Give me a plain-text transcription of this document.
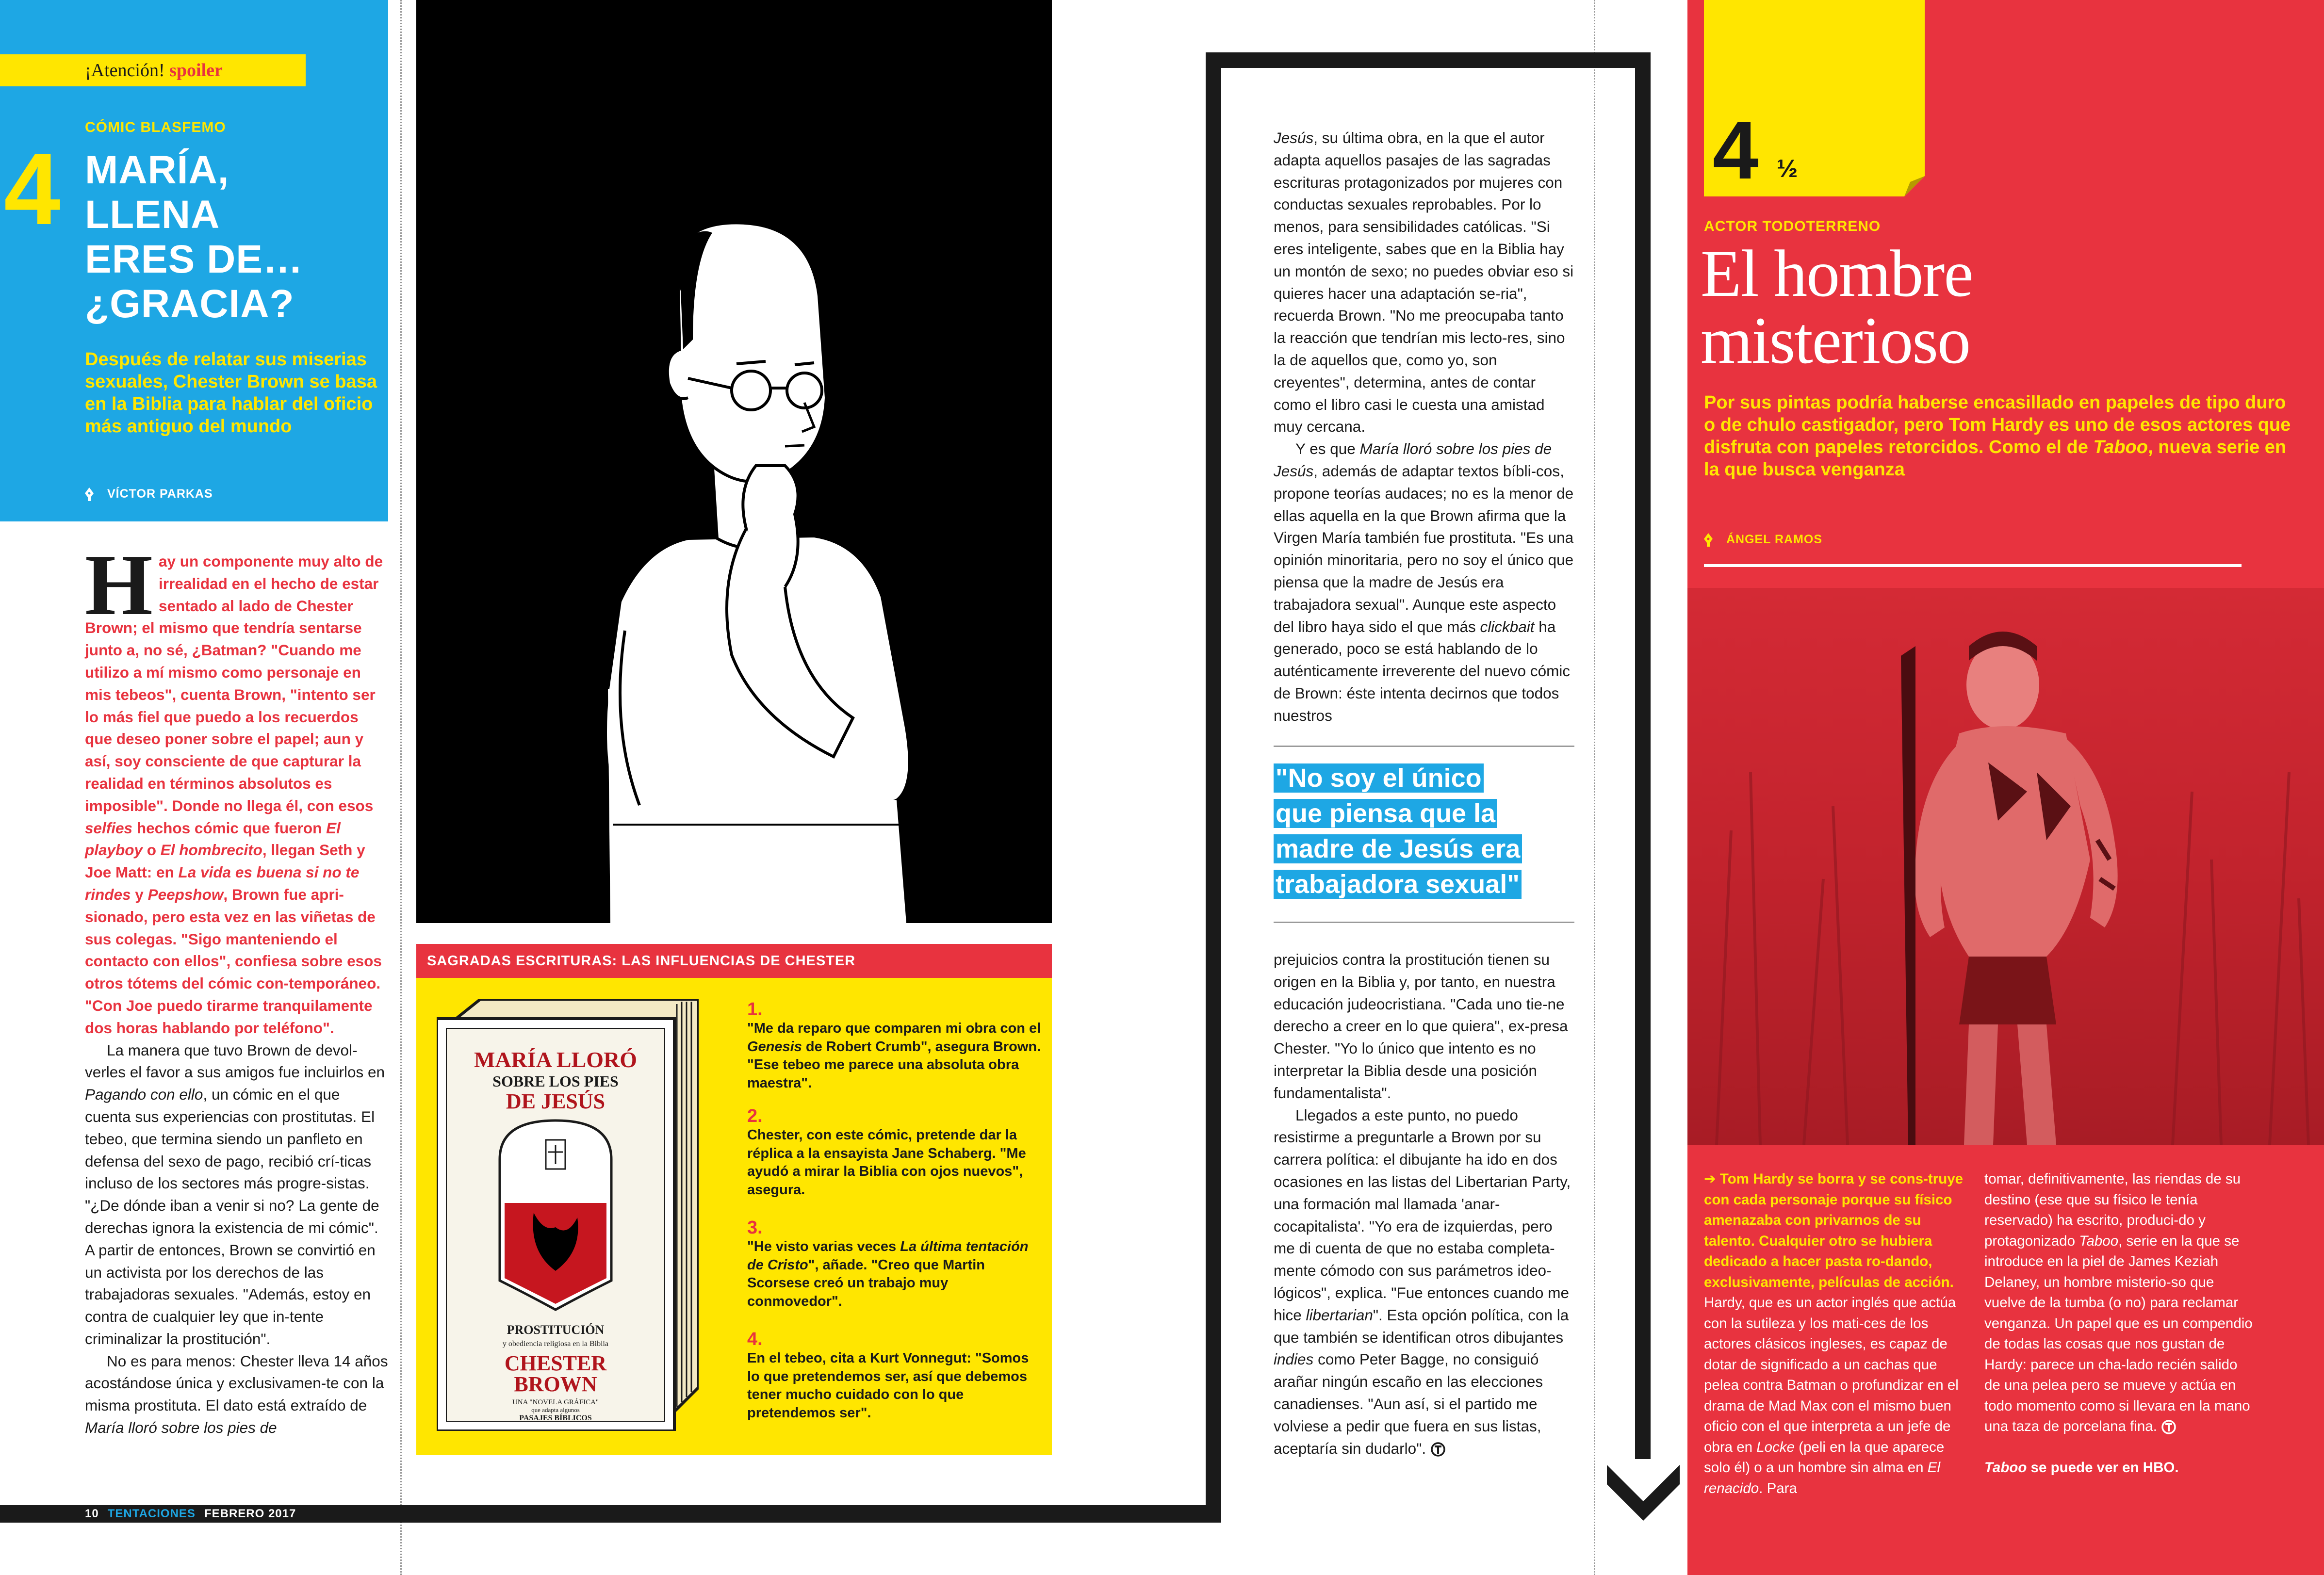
¡Atención! spoiler
CÓMIC BLASFEMO
4 MARÍA,
LLENA
ERES DE…
¿GRACIA?
Después de relatar sus miserias sexuales, Chester Brown se basa en la Biblia para hablar del oficio más antiguo del mundo
VÍCTOR PARKAS

Hay un componente muy alto de irrealidad en el hecho de estar sentado al lado de Chester Brown; el mismo que tendría sentarse junto a, no sé, ¿Batman? "Cuando me utilizo a mí mismo como personaje en mis tebeos", cuenta Brown, "intento ser lo más fiel que puedo a los recuerdos que deseo poner sobre el papel; aun y así, soy consciente de que capturar la realidad en términos absolutos es imposible". Donde no llega él, con esos selfies hechos cómic que fueron El playboy o El hombrecito, llegan Seth y Joe Matt: en La vida es buena si no te rindes y Peepshow, Brown fue apri-sionado, pero esta vez en las viñetas de sus colegas. "Sigo manteniendo el contacto con ellos", confiesa sobre esos otros tótems del cómic con-temporáneo. "Con Joe puedo tirarme tranquilamente dos horas hablando por teléfono".

La manera que tuvo Brown de devol-verles el favor a sus amigos fue incluirlos en Pagando con ello, un cómic en el que cuenta sus experiencias con prostitutas. El tebeo, que termina siendo un panfleto en defensa del sexo de pago, recibió crí-ticas incluso de los sectores más progre-sistas. "¿De dónde iban a venir si no? La gente de derechas ignora la existencia de mi cómic". A partir de entonces, Brown se convirtió en un activista por los derechos de las trabajadoras sexuales. "Además, estoy en contra de cualquier ley que in-tente criminalizar la prostitución".

No es para menos: Chester lleva 14 años acostándose única y exclusivamen-te con la misma prostituta. El dato está extraído de María lloró sobre los pies de

SAGRADAS ESCRITURAS: LAS INFLUENCIAS DE CHESTER
MARÍA LLORÓ
SOBRE LOS PIES
DE JESÚS
PROSTITUCIÓN
y obediencia religiosa en la Biblia
CHESTER
BROWN
UNA "NOVELA GRÁFICA"
que adapta algunos
PASAJES BÍBLICOS
1.
"Me da reparo que comparen mi obra con el Genesis de Robert Crumb", asegura Brown. "Ese tebeo me parece una absoluta obra maestra".
2.
Chester, con este cómic, pretende dar la réplica a la ensayista Jane Schaberg. "Me ayudó a mirar la Biblia con ojos nuevos", asegura.
3.
"He visto varias veces La última tentación de Cristo", añade. "Creo que Martin Scorsese creó un trabajo muy conmovedor".
4.
En el tebeo, cita a Kurt Vonnegut: "Somos lo que pretendemos ser, así que debemos tener mucho cuidado con lo que pretendemos ser".
10 TENTACIONES FEBRERO 2017

Jesús, su última obra, en la que el autor adapta aquellos pasajes de las sagradas escrituras protagonizados por mujeres con conductas sexuales reprobables. Por lo menos, para sensibilidades católicas. "Si eres inteligente, sabes que en la Biblia hay un montón de sexo; no puedes obviar eso si quieres hacer una adaptación se-ria", recuerda Brown. "No me preocupaba tanto la reacción que tendrían mis lecto-res, sino la de aquellos que, como yo, son creyentes", determina, antes de contar como el libro casi le cuesta una amistad muy cercana.

Y es que María lloró sobre los pies de Jesús, además de adaptar textos bíbli-cos, propone teorías audaces; no es la menor de ellas aquella en la que Brown afirma que la Virgen María también fue prostituta. "Es una opinión minoritaria, pero no soy el único que piensa que la madre de Jesús era trabajadora sexual". Aunque este aspecto del libro haya sido el que más clickbait ha generado, poco se está hablando de lo auténticamente irreverente del nuevo cómic de Brown: éste intenta decirnos que todos nuestros

"No soy el único
que piensa que la
madre de Jesús era
trabajadora sexual"

prejuicios contra la prostitución tienen su origen en la Biblia y, por tanto, en nuestra educación judeocristiana. "Cada uno tie-ne derecho a creer en lo que quiera", ex-presa Chester. "Yo lo único que intento es no interpretar la Biblia desde una posición fundamentalista".

Llegados a este punto, no puedo resistirme a preguntarle a Brown por su carrera política: el dibujante ha ido en dos ocasiones en las listas del Libertarian Party, una formación mal llamada 'anar-cocapitalista'. "Yo era de izquierdas, pero me di cuenta de que no estaba completa-mente cómodo con sus parámetros ideo-lógicos", explica. "Fue entonces cuando me hice libertarian". Esta opción política, con la que también se identifican otros dibujantes indies como Peter Bagge, no consiguió arañar ningún escaño en las elecciones canadienses. "Aun así, si el partido me volviese a pedir que fuera en sus listas, aceptaría sin dudarlo".

4 ½
ACTOR TODOTERRENO
El hombre
misterioso
Por sus pintas podría haberse encasillado en papeles de tipo duro o de chulo castigador, pero Tom Hardy es uno de esos actores que disfruta con papeles retorcidos. Como el de Taboo, nueva serie en la que busca venganza
ÁNGEL RAMOS

➔ Tom Hardy se borra y se cons-truye con cada personaje porque su físico amenazaba con privarnos de su talento. Cualquier otro se hubiera dedicado a hacer pasta ro-dando, exclusivamente, películas de acción. Hardy, que es un actor inglés que actúa con la sutileza y los mati-ces de los actores clásicos ingleses, es capaz de dotar de significado a un cachas que pelea contra Batman o profundizar en el drama de Mad Max con el mismo buen oficio con el que interpreta a un jefe de obra en Locke (peli en la que aparece solo él) o a un hombre sin alma en El renacido. Para

tomar, definitivamente, las riendas de su destino (ese que su físico le tenía reservado) ha escrito, produci-do y protagonizado Taboo, serie en la que se introduce en la piel de James Keziah Delaney, un hombre misterio-so que vuelve de la tumba (o no) para reclamar venganza. Un papel que es un compendio de todas las cosas que nos gustan de Hardy: parece un cha-lado recién salido de una pelea pero se mueve y actúa en todo momento como si llevara en la mano una taza de porcelana fina.

Taboo se puede ver en HBO.
